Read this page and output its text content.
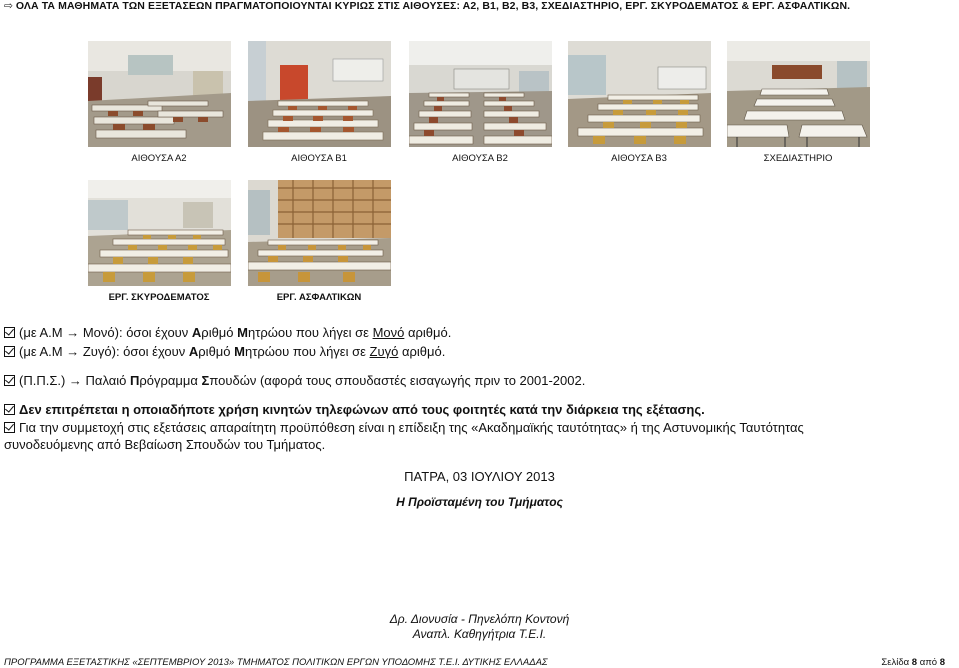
⇨ ΟΛΑ ΤΑ ΜΑΘΗΜΑΤΑ ΤΩΝ ΕΞΕΤΑΣΕΩΝ ΠΡΑΓΜΑΤΟΠΟΙΟΥΝΤΑΙ ΚΥΡΙΩΣ ΣΤΙΣ ΑΙΘΟΥΣΕΣ: Α2, Β1, Β2, Β3, ΣΧΕΔΙΑΣΤΗΡΙΟ, ΕΡΓ. ΣΚΥΡΟΔΕΜΑΤΟΣ & ΕΡΓ. ΑΣΦΑΛΤΙΚΩΝ.
ΑΙΘΟΥΣΑ Α2	ΑΙΘΟΥΣΑ Β1	ΑΙΘΟΥΣΑ Β2	ΑΙΘΟΥΣΑ Β3	ΣΧΕΔΙΑΣΤΗΡΙΟ
ΕΡΓ. ΣΚΥΡΟΔΕΜΑΤΟΣ	ΕΡΓ. ΑΣΦΑΛΤΙΚΩΝ
(με Α.Μ → Μονό): όσοι έχουν Αριθμό Μητρώου που λήγει σε Μονό αριθμό.
(με Α.Μ → Ζυγό): όσοι έχουν Αριθμό Μητρώου που λήγει σε Ζυγό αριθμό.
(Π.Π.Σ.) → Παλαιό Πρόγραμμα Σπουδών (αφορά τους σπουδαστές εισαγωγής πριν το 2001-2002.
Δεν επιτρέπεται η οποιαδήποτε χρήση κινητών τηλεφώνων από τους φοιτητές κατά την διάρκεια της εξέτασης.
Για την συμμετοχή στις εξετάσεις απαραίτητη προϋπόθεση είναι η επίδειξη της «Ακαδημαϊκής ταυτότητας» ή της Αστυνομικής Ταυτότητας
συνοδευόμενης από Βεβαίωση Σπουδών του Τμήματος.
ΠΑΤΡΑ, 03 ΙΟΥΛΙΟΥ 2013
Η Προϊσταμένη του Τμήματος
Δρ. Διονυσία - Πηνελόπη Κοντονή
Αναπλ. Καθηγήτρια Τ.Ε.Ι.
ΠΡΟΓΡΑΜΜΑ ΕΞΕΤΑΣΤΙΚΗΣ «ΣΕΠΤΕΜΒΡΙΟΥ 2013» ΤΜΗΜΑΤΟΣ ΠΟΛΙΤΙΚΩΝ ΕΡΓΩΝ ΥΠΟΔΟΜΗΣ Τ.Ε.Ι. ΔΥΤΙΚΗΣ ΕΛΛΑΔΑΣ	Σελίδα 8 από 8
